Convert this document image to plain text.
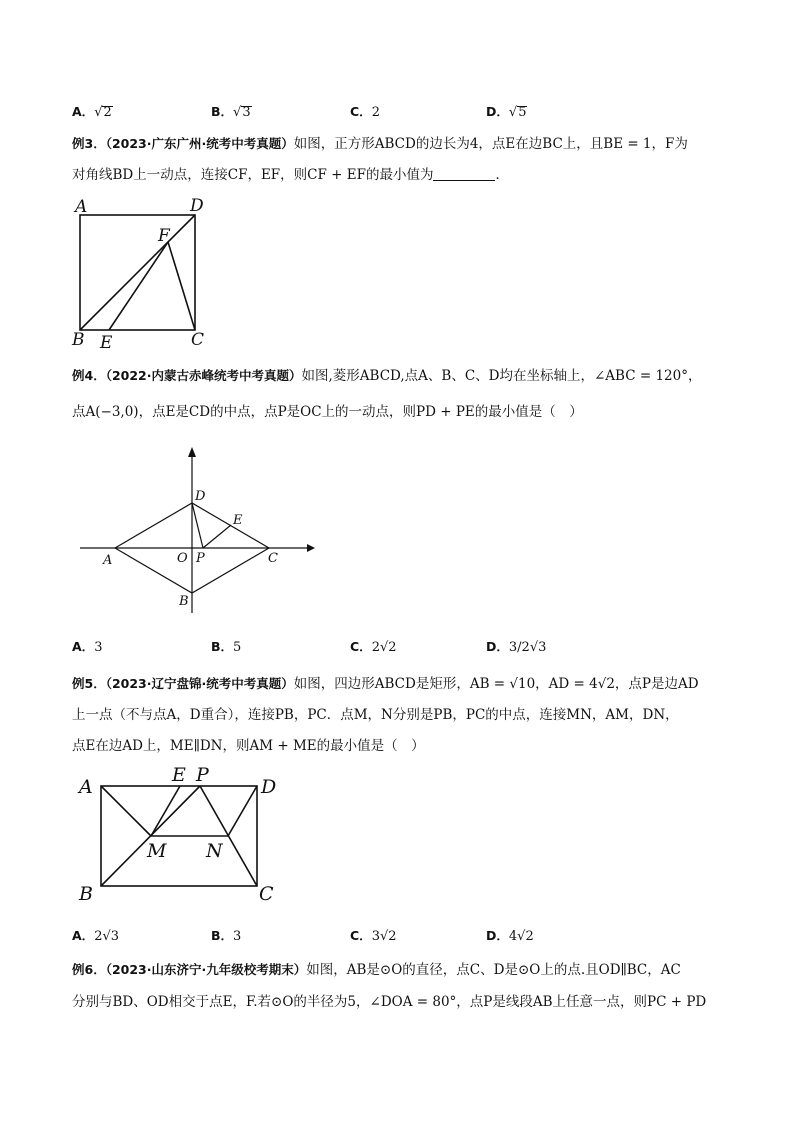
A．√2	B．√3	C．2	D．√5
例3．（2023·广东广州·统考中考真题）如图，正方形ABCD的边长为4，点E在边BC上，且BE = 1，F为
对角线BD上一动点，连接CF，EF，则CF + EF的最小值为	．
A	D
F
B E	C
例4．（2022·内蒙古赤峰统考中考真题）如图,菱形ABCD,点A、B、C、D均在坐标轴上，∠ABC = 120°，
点A(−3,0)，点E是CD的中点，点P是OC上的一动点，则PD + PE的最小值是（　）
D
E
O P
A	C
B
A．3	B．5	C．2√2	D．3/2√3
例5．（2023·辽宁盘锦·统考中考真题）如图，四边形ABCD是矩形，AB = √10，AD = 4√2，点P是边AD
上一点（不与点A，D重合），连接PB，PC．点M，N分别是PB，PC的中点，连接MN，AM，DN，
点E在边AD上，ME∥DN，则AM + ME的最小值是（　）
A
E P
D
M N
B	C
A．2√3	B．3	C．3√2	D．4√2
例6．（2023·山东济宁·九年级校考期末）如图，AB是⊙O的直径，点C、D是⊙O上的点.且OD∥BC，AC
分别与BD、OD相交于点E，F.若⊙O的半径为5，∠DOA = 80°，点P是线段AB上任意一点，则PC + PD
